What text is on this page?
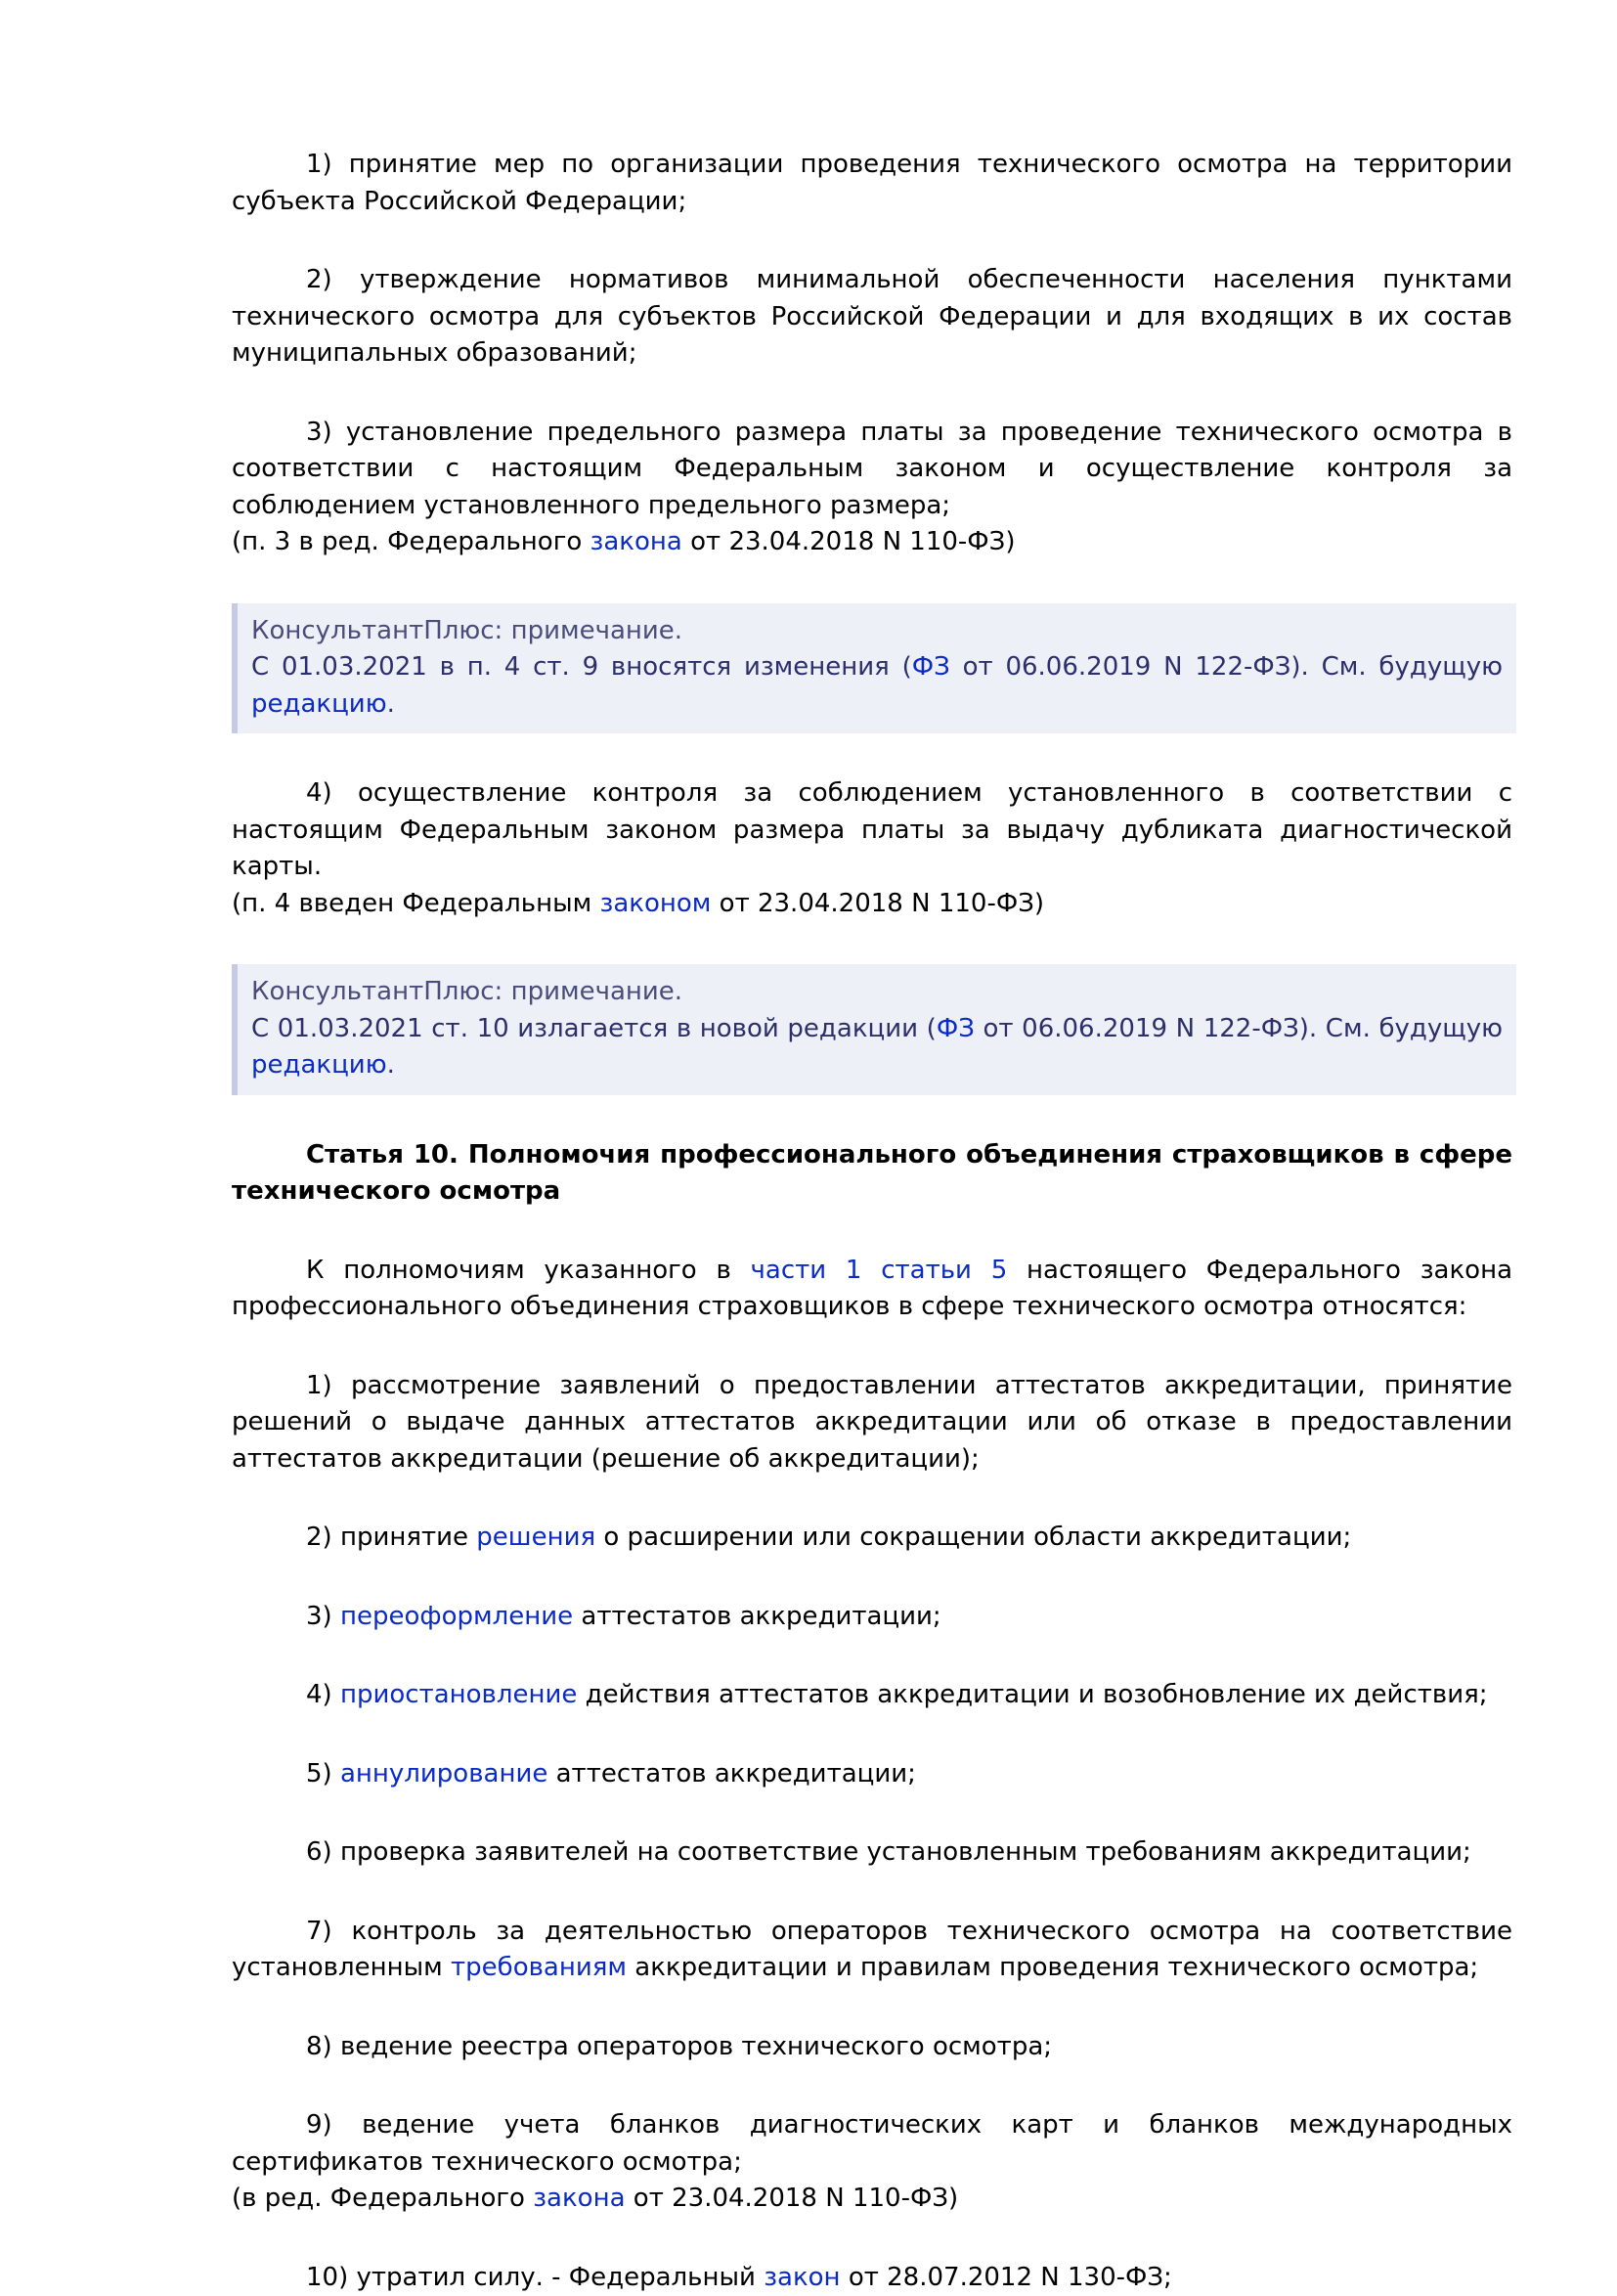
1) принятие мер по организации проведения технического осмотра на территории субъекта Российской Федерации;

2) утверждение нормативов минимальной обеспеченности населения пунктами технического осмотра для субъектов Российской Федерации и для входящих в их состав муниципальных образований;

3) установление предельного размера платы за проведение технического осмотра в соответствии с настоящим Федеральным законом и осуществление контроля за соблюдением установленного предельного размера;

(п. 3 в ред. Федерального закона от 23.04.2018 N 110-ФЗ)

КонсультантПлюс: примечание.

С 01.03.2021 в п. 4 ст. 9 вносятся изменения (ФЗ от 06.06.2019 N 122-ФЗ). См. будущую редакцию.

4) осуществление контроля за соблюдением установленного в соответствии с настоящим Федеральным законом размера платы за выдачу дубликата диагностической карты.

(п. 4 введен Федеральным законом от 23.04.2018 N 110-ФЗ)

КонсультантПлюс: примечание.

С 01.03.2021 ст. 10 излагается в новой редакции (ФЗ от 06.06.2019 N 122-ФЗ). См. будущую редакцию.

Статья 10. Полномочия профессионального объединения страховщиков в сфере технического осмотра

К полномочиям указанного в части 1 статьи 5 настоящего Федерального закона профессионального объединения страховщиков в сфере технического осмотра относятся:

1) рассмотрение заявлений о предоставлении аттестатов аккредитации, принятие решений о выдаче данных аттестатов аккредитации или об отказе в предоставлении аттестатов аккредитации (решение об аккредитации);

2) принятие решения о расширении или сокращении области аккредитации;

3) переоформление аттестатов аккредитации;

4) приостановление действия аттестатов аккредитации и возобновление их действия;

5) аннулирование аттестатов аккредитации;

6) проверка заявителей на соответствие установленным требованиям аккредитации;

7) контроль за деятельностью операторов технического осмотра на соответствие установленным требованиям аккредитации и правилам проведения технического осмотра;

8) ведение реестра операторов технического осмотра;

9) ведение учета бланков диагностических карт и бланков международных сертификатов технического осмотра;

(в ред. Федерального закона от 23.04.2018 N 110-ФЗ)

10) утратил силу. - Федеральный закон от 28.07.2012 N 130-ФЗ;
